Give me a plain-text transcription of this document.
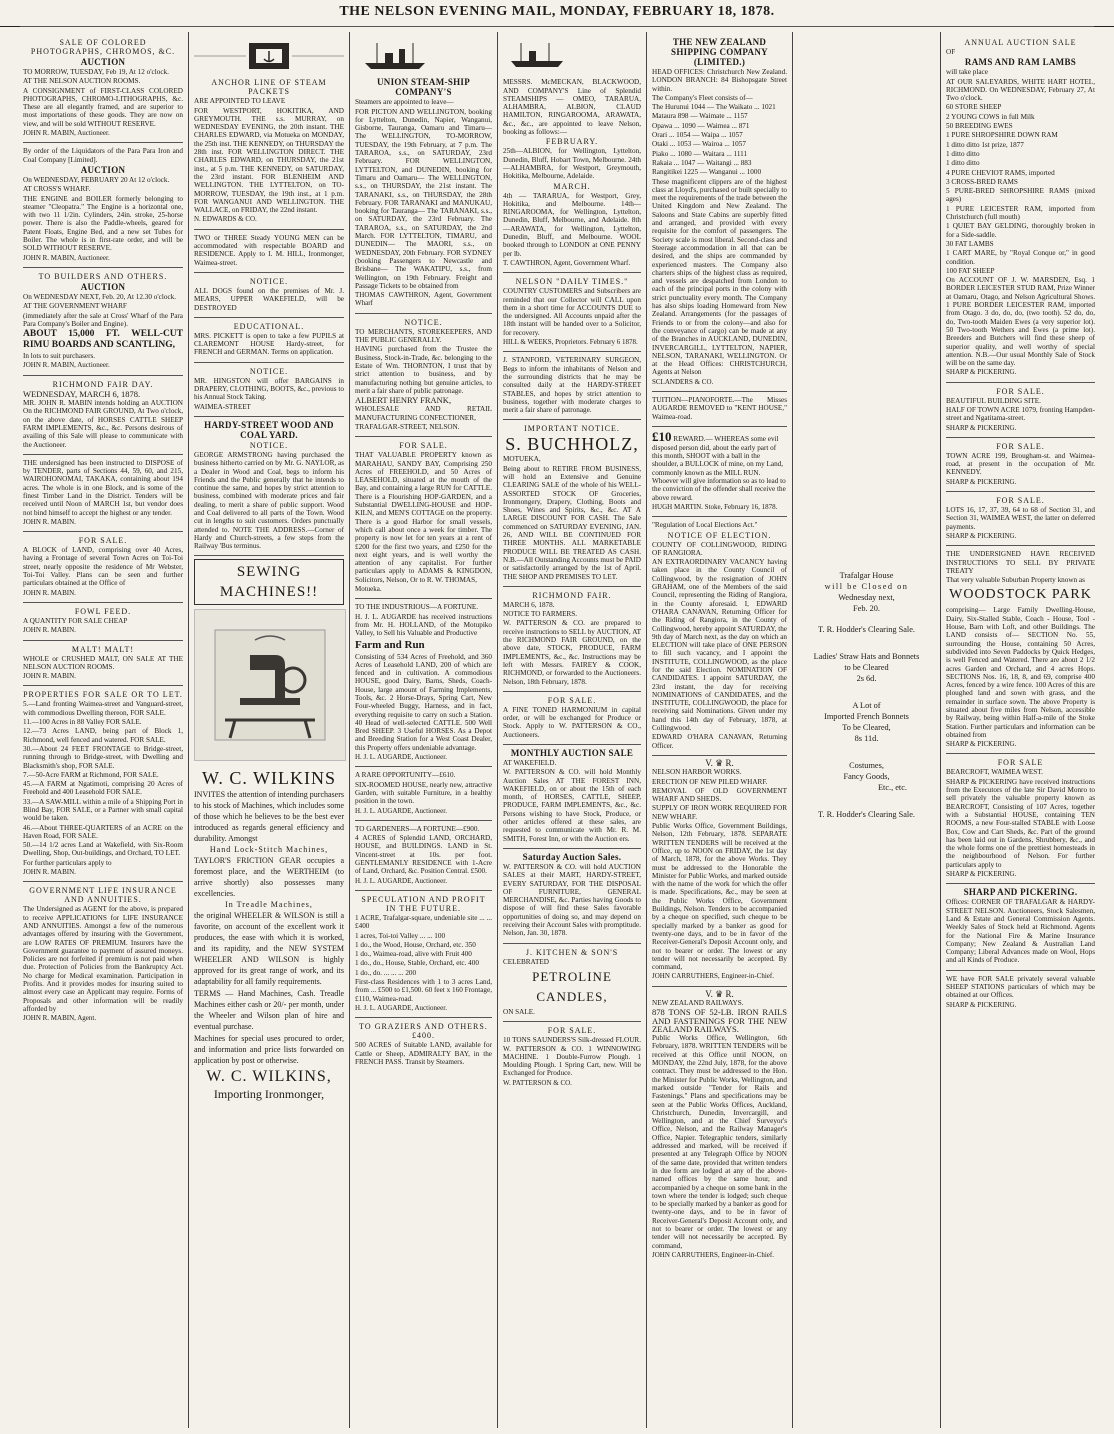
THE NELSON EVENING MAIL, MONDAY, FEBRUARY 18, 1878.
SALE OF COLORED PHOTOGRAPHS, CHROMOS, &C.
AUCTION

TO MORROW, TUESDAY, Feb 19, At 12 o'clock.

AT THE NELSON AUCTION ROOMS.

A CONSIGNMENT of FIRST-CLASS COLORED PHOTOGRAPHS, CHROMO-LITHOGRAPHS, &c. These are all elegantly framed, and are superior to most importations of these goods. They are now on view, and will be sold WITHOUT RESERVE.

JOHN R. MABIN, Auctioneer.

By order of the Liquidators of the Para Para Iron and Coal Company [Limited].

AUCTION

On WEDNESDAY, FEBRUARY 20 At 12 o'clock.

AT CROSS'S WHARF.

THE ENGINE and BOILER formerly belonging to steamer "Cleopatra." The Engine is a horizontal one, with two 11 1/2in. Cylinders, 24in. stroke, 25-horse power. There is also the Paddle-wheels, geared for Patent Floats, Engine Bed, and a new set Tubes for Boiler. The whole is in first-rate order, and will be SOLD WITHOUT RESERVE.

JOHN R. MABIN, Auctioneer.

TO BUILDERS AND OTHERS.
AUCTION

On WEDNESDAY NEXT, Feb. 20, At 12.30 o'clock.

AT THE GOVERNMENT WHARF

(immediately after the sale at Cross' Wharf of the Para Para Company's Boiler and Engine).

ABOUT 15,000 FT. WELL-CUT RIMU BOARDS AND SCANTLING,

In lots to suit purchasers.

JOHN R. MABIN, Auctioneer.

RICHMOND FAIR DAY.

WEDNESDAY, MARCH 6, 1878.

MR. JOHN R. MABIN intends holding an AUCTION On the RICHMOND FAIR GROUND, At Two o'clock, on the above date, of HORSES CATTLE SHEEP FARM IMPLEMENTS, &c., &c. Persons desirous of availing of this Sale will please to communicate with the Auctioneer.

THE undersigned has been instructed to DISPOSE of by TENDER, parts of Sections 44, 59, 60, and 215, WAIROHONOMAI, TAKAKA, containing about 194 acres. The whole is in one Block, and is some of the finest Timber Land in the District. Tenders will be received until Noon of MARCH 1st, but vendor does not bind himself to accept the highest or any tender.

JOHN R. MABIN.

FOR SALE.

A BLOCK of LAND, comprising over 40 Acres, having a Frontage of several Town Acres on Toi-Toi street, nearly opposite the residence of Mr Webster, Toi-Toi Valley. Plans can be seen and further particulars obtained at the Office of

JOHN R. MABIN.

FOWL FEED.

A QUANTITY FOR SALE CHEAP

JOHN R. MABIN.

MALT! MALT!

WHOLE or CRUSHED MALT, ON SALE AT THE NELSON AUCTION ROOMS.

JOHN R. MABIN.

PROPERTIES FOR SALE OR TO LET.

5.—Land fronting Waimea-street and Vanguard-street, with commodious Dwelling thereon, FOR SALE.

11.—100 Acres in 88 Valley FOR SALE.

12.—73 Acres LAND, being part of Block 1, Richmond, well fenced and watered. FOR SALE.

30.—About 24 FEET FRONTAGE to Bridge-street, running through to Bridge-street, with Dwelling and Blacksmith's shop, FOR SALE.

7.—50-Acre FARM at Richmond, FOR SALE.

45.—A FARM at Ngatimoti, comprising 20 Acres of Freehold and 400 Leasehold FOR SALE.

33.—A SAW-MILL within a mile of a Shipping Port in Blind Bay, FOR SALE, or a Partner with small capital would be taken.

46.—About THREE-QUARTERS of an ACRE on the Haven Road, FOR SALE.

50.—14 1/2 acres Land at Wakefield, with Six-Room Dwelling, Shop, Out-buildings, and Orchard, TO LET.

For further particulars apply to

JOHN R. MABIN.

GOVERNMENT LIFE INSURANCE AND ANNUITIES.

The Undersigned as AGENT for the above, is prepared to receive APPLICATIONS for LIFE INSURANCE AND ANNUITIES. Amongst a few of the numerous advantages offered by insuring with the Government, are LOW RATES OF PREMIUM. Insurers have the Government guarantee to payment of assured moneys. Policies are not forfeited if premium is not paid when due. Protection of Policies from the Bankruptcy Act. No charge for Medical examination. Participation in Profits. And it provides modes for insuring suited to almost every case an Applicant may require. Forms of Proposals and other information will be readily afforded by

JOHN R. MABIN, Agent.

ANCHOR LINE OF STEAM PACKETS

ARE APPOINTED TO LEAVE

FOR WESTPORT, HOKITIKA, AND GREYMOUTH. THE s.s. MURRAY, on WEDNESDAY EVENING, the 20th instant. THE CHARLES EDWARD, via Motueka on MONDAY, the 25th inst. THE KENNEDY, on THURSDAY the 28th inst. FOR WELLINGTON DIRECT. THE CHARLES EDWARD, on THURSDAY, the 21st inst., at 5 p.m. THE KENNEDY, on SATURDAY, the 23rd instant. FOR BLENHEIM AND WELLINGTON. THE LYTTELTON, on TO-MORROW, TUESDAY, the 19th inst., at 1 p.m. FOR WANGANUI AND WELLINGTON. THE WALLACE, on FRIDAY, the 22nd instant.

N. EDWARDS & CO.

TWO or THREE Steady YOUNG MEN can be accommodated with respectable BOARD and RESIDENCE. Apply to I. M. HILL, Ironmonger, Waimea-street.

NOTICE.

ALL DOGS found on the premises of Mr. J. MEARS, UPPER WAKEFIELD, will be DESTROYED

EDUCATIONAL.

MRS. PICKETT is open to take a few PUPILS at CLAREMONT HOUSE Hardy-street, for FRENCH and GERMAN. Terms on application.

NOTICE.

MR. HINGSTON will offer BARGAINS in DRAPERY, CLOTHING, BOOTS, &c., previous to his Annual Stock Taking.

WAIMEA-STREET

HARDY-STREET WOOD AND COAL YARD.
NOTICE.

GEORGE ARMSTRONG having purchased the business hitherto carried on by Mr. G. NAYLOR, as a Dealer in Wood and Coal, begs to inform his Friends and the Public generally that he intends to continue the same, and hopes by strict attention to business, combined with moderate prices and fair dealing, to merit a share of public support. Wood and Coal delivered to all parts of the Town. Wood cut in lengths to suit customers. Orders punctually attended to. NOTE THE ADDRESS.—Corner of Hardy and Church-streets, a few steps from the Railway 'Bus terminus.

SEWING MACHINES!!
W. C. WILKINS

INVITES the attention of intending purchasers to his stock of Machines, which includes some of those which he believes to be the best ever introduced as regards general efficiency and durability. Amongst

Hand Lock-Stitch Machines,

TAYLOR'S FRICTION GEAR occupies a foremost place, and the WERTHEIM (to arrive shortly) also possesses many excellencies.

In Treadle Machines,

the original WHEELER & WILSON is still a favorite, on account of the excellent work it produces, the ease with which it is worked, and its rapidity, and the NEW SYSTEM WHEELER AND WILSON is highly approved for its great range of work, and its adaptability for all family requirements.

TERMS — Hand Machines, Cash. Treadle Machines either cash or 20/- per month, under the Wheeler and Wilson plan of hire and eventual purchase.

Machines for special uses procured to order, and information and price lists forwarded on application by post or otherwise.

W. C. WILKINS,
Importing Ironmonger,
UNION STEAM-SHIP COMPANY'S

Steamers are appointed to leave—

FOR PICTON AND WELLINGTON, booking for Lyttelton, Dunedin, Napier, Wanganui, Gisborne, Tauranga, Oamaru and Timaru— The WELLINGTON, TO-MORROW, TUESDAY, the 19th February, at 7 p.m. The TARAROA, s.s., on SATURDAY, 23rd February. FOR WELLINGTON, LYTTELTON, and DUNEDIN, booking for Timaru and Oamaru— The WELLINGTON, s.s., on THURSDAY, the 21st instant. The TARANAKI, s.s., on THURSDAY, the 28th February. FOR TARANAKI and MANUKAU, booking for Tauranga— The TARANAKI, s.s., on SATURDAY, the 23rd February. The TARAROA, s.s., on SATURDAY, the 2nd March. FOR LYTTELTON, TIMARU, and DUNEDIN— The MAORI, s.s., on WEDNESDAY, 20th February. FOR SYDNEY (booking Passengers to Newcastle and Brisbane— The WAKATIPU, s.s., from Wellington, on 19th February. Freight and Passage Tickets to be obtained from

THOMAS CAWTHRON, Agent, Government Wharf

NOTICE.

TO MERCHANTS, STOREKEEPERS, AND THE PUBLIC GENERALLY.

HAVING purchased from the Trustee the Business, Stock-in-Trade, &c. belonging to the Estate of Wm. THORNTON, I trust that by strict attention to business, and by manufacturing nothing but genuine articles, to merit a fair share of public patronage.

ALBERT HENRY FRANK,

WHOLESALE AND RETAIL MANUFACTURING CONFECTIONER,

TRAFALGAR-STREET, NELSON.

FOR SALE.

THAT VALUABLE PROPERTY known as MARAHAU, SANDY BAY, Comprising 250 Acres of FREEHOLD, and 50 Acres of LEASEHOLD, situated at the mouth of the Bay, and containing a large RUN for CATTLE. There is a Flourishing HOP-GARDEN, and a Substantial DWELLING-HOUSE and HOP-KILN, and MEN'S COTTAGE on the property. There is a good Harbor for small vessels, which call about once a week for timber. The property is now let for ten years at a rent of £200 for the first two years, and £250 for the next eight years, and is well worthy the attention of any capitalist. For further particulars apply to ADAMS & KINGDON, Solicitors, Nelson, Or to R. W. THOMAS,

Motueka.

TO THE INDUSTRIOUS—A FORTUNE.

H. J. L. AUGARDE has received instructions from Mr. H. HOLLAND, of the Motupiko Valley, to Sell his Valuable and Productive

Farm and Run

Consisting of 534 Acres of Freehold, and 360 Acres of Leasehold LAND, 200 of which are fenced and in cultivation. A commodious HOUSE, good Dairy, Barns, Sheds, Coach-House, large amount of Farming Implements, Tools, &c. 2 Horse-Drays, Spring Cart, New Four-wheeled Buggy, Harness, and in fact, everything requisite to carry on such a Station. 40 Head of well-selected CATTLE. 500 Well Bred SHEEP. 3 Useful HORSES. As a Depot and Breeding Station for a West Coast Dealer, this Property offers undeniable advantage.

H. J. L. AUGARDE, Auctioneer.

A RARE OPPORTUNITY—£610.

SIX-ROOMED HOUSE, nearly new, attractive Garden, with suitable Furniture, in a healthy position in the town.

H. J. L. AUGARDE, Auctioneer.

TO GARDENERS—A FORTUNE—£900.

4 ACRES of Splendid LAND, ORCHARD, HOUSE, and BUILDINGS. LAND in St. Vincent-street at 10s. per foot. GENTLEMANLY RESIDENCE with 1-Acre of Land, Orchard, &c. Position Central. £500.

H. J. L. AUGARDE, Auctioneer.

SPECULATION AND PROFIT IN THE FUTURE.

1 ACRE, Trafalgar-square, undeniable site ... ... £400

1 acres, Toi-toi Valley ... ... 100

1 do., the Wood, House, Orchard, etc. 350

1 do., Waimea-road, alive with Fruit 400

1 do., do., House, Stable, Orchard, etc. 400

1 do., do. ... ... ... 200

First-class Residences with 1 to 3 acres Land, from ... £500 to £1,500. 60 feet x 160 Frontage, £110, Waimea-road.

H. J. L. AUGARDE, Auctioneer.

TO GRAZIERS AND OTHERS. £400.

500 ACRES of Suitable LAND, available for Cattle or Sheep, ADMIRALTY BAY, in the FRENCH PASS. Transit by Steamers.

MESSRS. McMECKAN, BLACKWOOD, AND COMPANY'S Line of Splendid STEAMSHIPS — OMEO, TARARUA, ALHAMBRA, ALBION, CLAUD HAMILTON, RINGAROOMA, ARAWATA, &c., &c., are appointed to leave Nelson, booking as follows:—

FEBRUARY.

25th—ALBION, for Wellington, Lyttelton, Dunedin, Bluff, Hobart Town, Melbourne. 24th—ALHAMBRA, for Westport, Greymouth, Hokitika, Melbourne, Adelaide.

MARCH.

4th — TARARUA, for Westport, Grey, Hokitika, and Melbourne. 14th—RINGAROOMA, for Wellington, Lyttelton, Dunedin, Bluff, Melbourne, and Adelaide. 8th—ARAWATA, for Wellington, Lyttelton, Dunedin, Bluff, and Melbourne. WOOL booked through to LONDON at ONE PENNY per lb.

T. CAWTHRON, Agent, Government Wharf.

NELSON "DAILY TIMES."

COUNTRY CUSTOMERS and Subscribers are reminded that our Collector will CALL upon them in a short time for ACCOUNTS DUE to the undersigned. All Accounts unpaid after the 18th instant will be handed over to a Solicitor, for recovery.

HILL & WEEKS, Proprietors. February 6 1878.

J. STANFORD, VETERINARY SURGEON, Begs to inform the inhabitants of Nelson and the surrounding districts that he may be consulted daily at the HARDY-STREET STABLES, and hopes by strict attention to business, together with moderate charges to merit a fair share of patronage.

IMPORTANT NOTICE.
S. BUCHHOLZ,

MOTUEKA,

Being about to RETIRE FROM BUSINESS, will hold an Extensive and Genuine CLEARING SALE of the whole of his WELL-ASSORTED STOCK OF Groceries, Ironmongery, Drapery, Clothing, Boots and Shoes, Wines and Spirits, &c., &c. AT A LARGE DISCOUNT FOR CASH. The Sale commenced on SATURDAY EVENING, JAN. 26, AND WILL BE CONTINUED FOR THREE MONTHS. ALL MARKETABLE PRODUCE WILL BE TREATED AS CASH. N.B.—All Outstanding Accounts must be PAID or satisfactorily arranged by the 1st of April. THE SHOP AND PREMISES TO LET.

RICHMOND FAIR.

MARCH 6, 1878.

NOTICE TO FARMERS.

W. PATTERSON & CO. are prepared to receive instructions to SELL by AUCTION, AT the RICHMOND FAIR GROUND, on the above date, STOCK, PRODUCE, FARM IMPLEMENTS, &c., &c. Instructions may be left with Messrs. FAIREY & COOK, RICHMOND, or forwarded to the Auctioneers. Nelson, 18th February, 1878.

FOR SALE.

A FINE TONED HARMONIUM in capital order, or will be exchanged for Produce or Stock. Apply to W. PATTERSON & CO., Auctioneers.

MONTHLY AUCTION SALE

AT WAKEFIELD.

W. PATTERSON & CO. will hold Monthly Auction Sales AT THE FOREST INN, WAKEFIELD, on or about the 15th of each month, of HORSES, CATTLE, SHEEP, PRODUCE, FARM IMPLEMENTS, &c., &c. Persons wishing to have Stock, Produce, or other articles offered at these sales, are requested to communicate with Mr. R. M. SMITH, Forest Inn, or with the Auction ers.

Saturday Auction Sales.

W. PATTERSON & CO. will hold AUCTION SALES at their MART, HARDY-STREET, EVERY SATURDAY, FOR THE DISPOSAL OF FURNITURE, GENERAL MERCHANDISE, &c. Parties having Goods to dispose of will find these Sales favorable opportunities of doing so, and may depend on receiving their Account Sales with promptitude. Nelson, Jan. 30, 1878.

J. KITCHEN & SON'S

CELEBRATED

PETROLINE CANDLES,

ON SALE.

FOR SALE.

10 TONS SAUNDERS'S Silk-dressed FLOUR. W. PATTERSON & CO. 1 WINNOWING MACHINE. 1 Double-Furrow Plough. 1 Moulding Plough. 1 Spring Cart, new. Will be Exchanged for Produce.

W. PATTERSON & CO.

THE NEW ZEALAND SHIPPING COMPANY (LIMITED.)

HEAD OFFICES: Christchurch New Zealand. LONDON BRANCH: 84 Bishopsgate Street within.

The Company's Fleet consists of—

The Hurunui 1044 — The Waikato ... 1021

Mataura 898 — Waimate ... 1157

Opawa ... 1090 — Waimea ... 871

Orari ... 1054 — Waipa ... 1057

Otaki ... 1053 — Wairoa ... 1057

Piako ... 1080 — Waitara ... 1111

Rakaia ... 1047 — Waitangi ... 883

Rangitikei 1225 — Wanganui ... 1000

These magnificent clippers are of the highest class at Lloyd's, purchased or built specially to meet the requirements of the trade between the United Kingdom and New Zealand. The Saloons and State Cabins are superbly fitted and arranged, and provided with every requisite for the comfort of passengers. The Society scale is most liberal. Second-class and Steerage accommodation in all that can be desired, and the ships are commanded by experienced masters. The Company also charters ships of the highest class as required, and vessels are despatched from London to each of the principal ports in the colony with strict punctuality every month. The Company has also ships loading Homeward from New Zealand. Arrangements (for the passages of Friends to or from the colony—and also for the conveyance of cargo) can be made at any of the Branches in AUCKLAND, DUNEDIN, INVERCARGILL, LYTTELTON, NAPIER, NELSON, TARANAKI, WELLINGTON. Or at the Head Offices: CHRISTCHURCH, Agents at Nelson

SCLANDERS & CO.

TUITION—PIANOFORTE.—The Misses AUGARDE REMOVED to "KENT HOUSE," Waimea-road.

£10 REWARD.— WHEREAS some evil disposed person did, about the early part of this month, SHOOT with a ball in the shoulder, a BULLOCK of mine, on my Land, commonly known as the MILL RUN. Whoever will give information so as to lead to the conviction of the offender shall receive the above reward.

HUGH MARTIN. Stoke, February 16, 1878.

"Regulation of Local Elections Act."

NOTICE OF ELECTION.

COUNTY OF COLLINGWOOD, RIDING OF RANGIORA.

AN EXTRAORDINARY VACANCY having taken place in the County Council of Collingwood, by the resignation of JOHN GRAHAM, one of the Members of the said Council, representing the Riding of Rangiora, in the County aforesaid. I, EDWARD O'HARA CANAVAN, Returning Officer for the Riding of Rangiora, in the County of Collingwood, hereby appoint SATURDAY, the 9th day of March next, as the day on which an ELECTION will take place of ONE PERSON to fill such vacancy, and I appoint the INSTITUTE, COLLINGWOOD, as the place for the said Election. NOMINATION OF CANDIDATES. I appoint SATURDAY, the 23rd instant, the day for receiving NOMINATIONS of CANDIDATES, and the INSTITUTE, COLLINGWOOD, the place for receiving said Nominations. Given under my hand this 14th day of February, 1878, at Collingwood.

EDWARD O'HARA CANAVAN, Returning Officer.

V. ♛ R.

NELSON HARBOR WORKS.

ERECTION OF NEW PILED WHARF.

REMOVAL OF OLD GOVERNMENT WHARF AND SHEDS.

SUPPLY OF IRON WORK REQUIRED FOR NEW WHARF.

Public Works Office, Government Buildings, Nelson, 12th February, 1878. SEPARATE WRITTEN TENDERS will be received at the Office, up to NOON on FRIDAY, the 1st day of March, 1878, for the above Works. They must be addressed to the Honorable the Minister for Public Works, and marked outside with the name of the work for which the offer is made. Specifications, &c., may be seen at the Public Works Office, Government Buildings, Nelson. Tenders to be accompanied by a cheque on specified, such cheque to be specially marked by a banker as good for twenty-one days, and to be in favor of the Receiver-General's Deposit Account only, and not to bearer or order. The lowest or any tender will not necessarily be accepted. By command,

JOHN CARRUTHERS, Engineer-in-Chief.

V. ♛ R.

NEW ZEALAND RAILWAYS.

878 TONS OF 52-LB. IRON RAILS AND FASTENINGS FOR THE NEW ZEALAND RAILWAYS.

Public Works Office, Wellington, 6th February, 1878. WRITTEN TENDERS will be received at this Office until NOON, on MONDAY, the 22nd July, 1878, for the above contract. They must be addressed to the Hon. the Minister for Public Works, Wellington, and marked outside "Tender for Rails and Fastenings." Plans and specifications may be seen at the Public Works Offices, Auckland, Christchurch, Dunedin, Invercargill, and Wellington, and at the Chief Surveyor's Office, Nelson, and the Railway Manager's Office, Napier. Telegraphic tenders, similarly addressed and marked, will be received if presented at any Telegraph Office by NOON of the same date, provided that written tenders in due form are lodged at any of the above-named offices by the same hour, and accompanied by a cheque on some bank in the town where the tender is lodged; such cheque to be specially marked by a banker as good for twenty-one days, and to be in favor of Receiver-General's Deposit Account only, and not to bearer or order. The lowest or any tender will not necessarily be accepted. By command,

JOHN CARRUTHERS, Engineer-in-Chief.

Trafalgar House
will be Closed on
Wednesday next,
Feb. 20.
T. R. Hodder's Clearing Sale.
Ladies' Straw Hats and Bonnets
to be Cleared
2s 6d.
A Lot of
Imported French Bonnets
To be Cleared,
8s 11d.
Costumes,
Fancy Goods,
Etc., etc.
T. R. Hodder's Clearing Sale.
ANNUAL AUCTION SALE

OF

RAMS AND RAM LAMBS

will take place

AT OUR SALEYARDS, WHITE HART HOTEL, RICHMOND. On WEDNESDAY, February 27, At Two o'clock.

60 STORE SHEEP

2 YOUNG COWS in full Milk

50 BREEDING EWES

1 PURE SHROPSHIRE DOWN RAM

1 ditto ditto 1st prize, 1877

1 ditto ditto

1 ditto ditto

4 PURE CHEVIOT RAMS, imported

3 CROSS-BRED RAMS

5 PURE-BRED SHROPSHIRE RAMS (mixed ages)

1 PURE LEICESTER RAM, imported from Christchurch (full mouth)

1 QUIET BAY GELDING, thoroughly broken in for a Side-saddle.

30 FAT LAMBS

1 CART MARE, by "Royal Conque or," in good condition.

100 FAT SHEEP

On ACCOUNT OF J. W. MARSDEN, Esq. 1 BORDER LEICESTER STUD RAM, Prize Winner at Oamaru, Otago, and Nelson Agricultural Shows. 1 PURE BORDER LEICESTER RAM, imported from Otago. 3 do, do, do, (two tooth). 52 do, do, do, Two-tooth Maiden Ewes (a very superior lot). 50 Two-tooth Wethers and Ewes (a prime lot). Breeders and Butchers will find these sheep of superior quality, and well worthy of special attention. N.B.—Our usual Monthly Sale of Stock will be on the same day.

SHARP & PICKERING.

FOR SALE.

BEAUTIFUL BUILDING SITE.

HALF OF TOWN ACRE 1079, fronting Hampden-street and Ngatitama-street.

SHARP & PICKERING.

FOR SALE.

TOWN ACRE 199, Brougham-st. and Waimea-road, at present in the occupation of Mr. KENNEDY.

SHARP & PICKERING.

FOR SALE.

LOTS 16, 17, 37, 39, 64 to 68 of Section 31, and Section 31, WAIMEA WEST, the latter on deferred payments.

SHARP & PICKERING.

THE UNDERSIGNED HAVE RECEIVED INSTRUCTIONS TO SELL BY PRIVATE TREATY

That very valuable Suburban Property known as

WOODSTOCK PARK

comprising— Large Family Dwelling-House, Dairy, Six-Stalled Stable, Coach - House, Tool - House, Barn with Loft, and other Buildings. The LAND consists of— SECTION No. 55, surrounding the House, containing 50 Acres, subdivided into Seven Paddocks by Quick Hedges, is well Fenced and Watered. There are about 2 1/2 acres Garden and Orchard, and 4 acres Hops. SECTIONS Nos. 16, 18, 8, and 69, comprise 400 Acres, fenced by a wire fence. 100 Acres of this are ploughed land and sown with grass, and the remainder in surface sown. The above Property is situated about five miles from Nelson, accessible by Railway, being within Half-a-mile of the Stoke Station. Further particulars and information can be obtained from

SHARP & PICKERING.

FOR SALE

BEARCROFT, WAIMEA WEST.

SHARP & PICKERING have received instructions from the Executors of the late Sir David Monro to sell privately the valuable property known as BEARCROFT, Consisting of 107 Acres, together with a Substantial HOUSE, containing TEN ROOMS, a new Four-stalled STABLE with Loose Box, Cow and Cart Sheds, &c. Part of the ground has been laid out in Gardens, Shrubbery, &c., and the whole forms one of the prettiest homesteads in the neighbourhood of Nelson. For further particulars apply to

SHARP & PICKERING.

SHARP AND PICKERING.

Offices: CORNER OF TRAFALGAR & HARDY-STREET NELSON. Auctioneers, Stock Salesmen, Land & Estate and General Commission Agents. Weekly Sales of Stock held at Richmond. Agents for the National Fire & Marine Insurance Company; New Zealand & Australian Land Company; Liberal Advances made on Wool, Hops and all Kinds of Produce.

WE have FOR SALE privately several valuable SHEEP STATIONS particulars of which may be obtained at our Offices.

SHARP & PICKERING.
